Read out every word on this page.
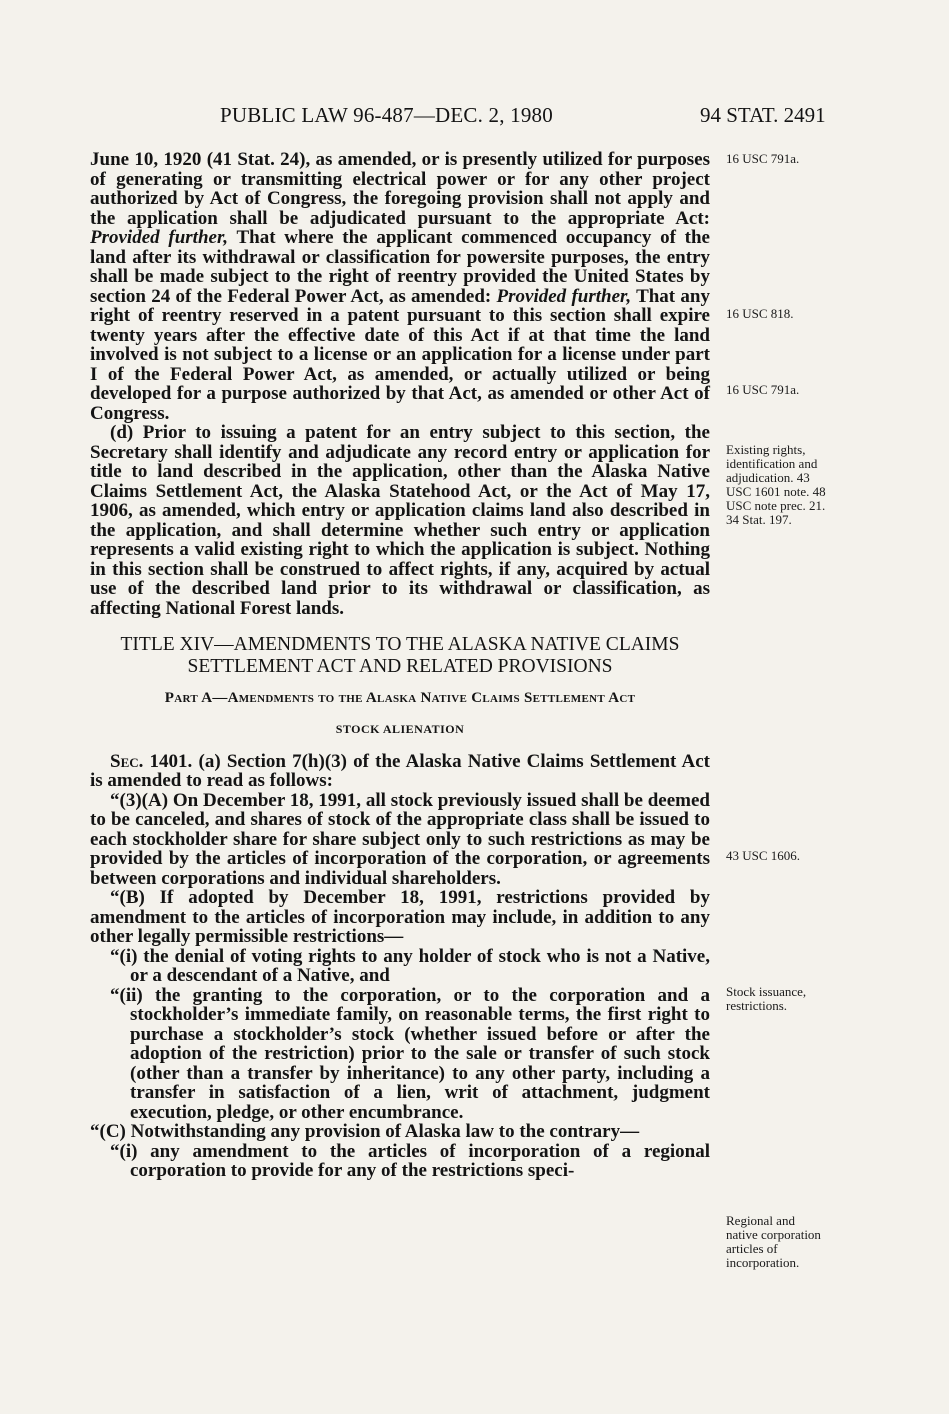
PUBLIC LAW 96-487—DEC. 2, 1980	94 STAT. 2491

June 10, 1920 (41 Stat. 24), as amended, or is presently utilized for purposes of generating or transmitting electrical power or for any other project authorized by Act of Congress, the foregoing provision shall not apply and the application shall be adjudicated pursuant to the appropriate Act: Provided further, That where the applicant commenced occupancy of the land after its withdrawal or classification for powersite purposes, the entry shall be made subject to the right of reentry provided the United States by section 24 of the Federal Power Act, as amended: Provided further, That any right of reentry reserved in a patent pursuant to this section shall expire twenty years after the effective date of this Act if at that time the land involved is not subject to a license or an application for a license under part I of the Federal Power Act, as amended, or actually utilized or being developed for a purpose authorized by that Act, as amended or other Act of Congress.

(d) Prior to issuing a patent for an entry subject to this section, the Secretary shall identify and adjudicate any record entry or application for title to land described in the application, other than the Alaska Native Claims Settlement Act, the Alaska Statehood Act, or the Act of May 17, 1906, as amended, which entry or application claims land also described in the application, and shall determine whether such entry or application represents a valid existing right to which the application is subject. Nothing in this section shall be construed to affect rights, if any, acquired by actual use of the described land prior to its withdrawal or classification, as affecting National Forest lands.

TITLE XIV—AMENDMENTS TO THE ALASKA NATIVE CLAIMS SETTLEMENT ACT AND RELATED PROVISIONS

Part A—Amendments to the Alaska Native Claims Settlement Act

STOCK ALIENATION

Sec. 1401. (a) Section 7(h)(3) of the Alaska Native Claims Settlement Act is amended to read as follows:

“(3)(A) On December 18, 1991, all stock previously issued shall be deemed to be canceled, and shares of stock of the appropriate class shall be issued to each stockholder share for share subject only to such restrictions as may be provided by the articles of incorporation of the corporation, or agreements between corporations and individual shareholders.

“(B) If adopted by December 18, 1991, restrictions provided by amendment to the articles of incorporation may include, in addition to any other legally permissible restrictions—

“(i) the denial of voting rights to any holder of stock who is not a Native, or a descendant of a Native, and

“(ii) the granting to the corporation, or to the corporation and a stockholder’s immediate family, on reasonable terms, the first right to purchase a stockholder’s stock (whether issued before or after the adoption of the restriction) prior to the sale or transfer of such stock (other than a transfer by inheritance) to any other party, including a transfer in satisfaction of a lien, writ of attachment, judgment execution, pledge, or other encumbrance.

“(C) Notwithstanding any provision of Alaska law to the contrary—

“(i) any amendment to the articles of incorporation of a regional corporation to provide for any of the restrictions speci-

16 USC 791a.
16 USC 818.
16 USC 791a.
Existing rights, identification and adjudication. 43 USC 1601 note. 48 USC note prec. 21. 34 Stat. 197.
43 USC 1606.
Stock issuance, restrictions.
Regional and native corporation articles of incorporation.
